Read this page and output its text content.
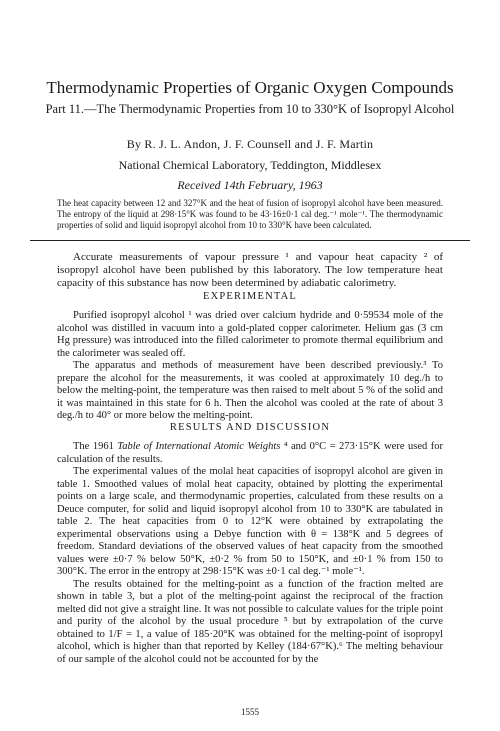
Thermodynamic Properties of Organic Oxygen Compounds
Part 11.—The Thermodynamic Properties from 10 to 330°K of Isopropyl Alcohol
By R. J. L. Andon, J. F. Counsell and J. F. Martin
National Chemical Laboratory, Teddington, Middlesex
Received 14th February, 1963
The heat capacity between 12 and 327°K and the heat of fusion of isopropyl alcohol have been measured. The entropy of the liquid at 298·15°K was found to be 43·16±0·1 cal deg.⁻¹ mole⁻¹. The thermodynamic properties of solid and liquid isopropyl alcohol from 10 to 330°K have been calculated.

Accurate measurements of vapour pressure ¹ and vapour heat capacity ² of isopropyl alcohol have been published by this laboratory. The low temperature heat capacity of this substance has now been determined by adiabatic calorimetry.

EXPERIMENTAL

Purified isopropyl alcohol ¹ was dried over calcium hydride and 0·59534 mole of the alcohol was distilled in vacuum into a gold-plated copper calorimeter. Helium gas (3 cm Hg pressure) was introduced into the filled calorimeter to promote thermal equilibrium and the calorimeter was sealed off.

The apparatus and methods of measurement have been described previously.³ To prepare the alcohol for the measurements, it was cooled at approximately 10 deg./h to below the melting-point, the temperature was then raised to melt about 5 % of the solid and it was maintained in this state for 6 h. Then the alcohol was cooled at the rate of about 3 deg./h to 40° or more below the melting-point.

RESULTS AND DISCUSSION

The 1961 Table of International Atomic Weights ⁴ and 0°C = 273·15°K were used for calculation of the results.

The experimental values of the molal heat capacities of isopropyl alcohol are given in table 1. Smoothed values of molal heat capacity, obtained by plotting the experimental points on a large scale, and thermodynamic properties, calculated from these results on a Deuce computer, for solid and liquid isopropyl alcohol from 10 to 330°K are tabulated in table 2. The heat capacities from 0 to 12°K were obtained by extrapolating the experimental observations using a Debye function with θ = 138°K and 5 degrees of freedom. Standard deviations of the observed values of heat capacity from the smoothed values were ±0·7 % below 50°K, ±0·2 % from 50 to 150°K, and ±0·1 % from 150 to 300°K. The error in the entropy at 298·15°K was ±0·1 cal deg.⁻¹ mole⁻¹.

The results obtained for the melting-point as a function of the fraction melted are shown in table 3, but a plot of the melting-point against the reciprocal of the fraction melted did not give a straight line. It was not possible to calculate values for the triple point and purity of the alcohol by the usual procedure ⁵ but by extrapolation of the curve obtained to 1/F = 1, a value of 185·20°K was obtained for the melting-point of isopropyl alcohol, which is higher than that reported by Kelley (184·67°K).⁶ The melting behaviour of our sample of the alcohol could not be accounted for by the

1555
